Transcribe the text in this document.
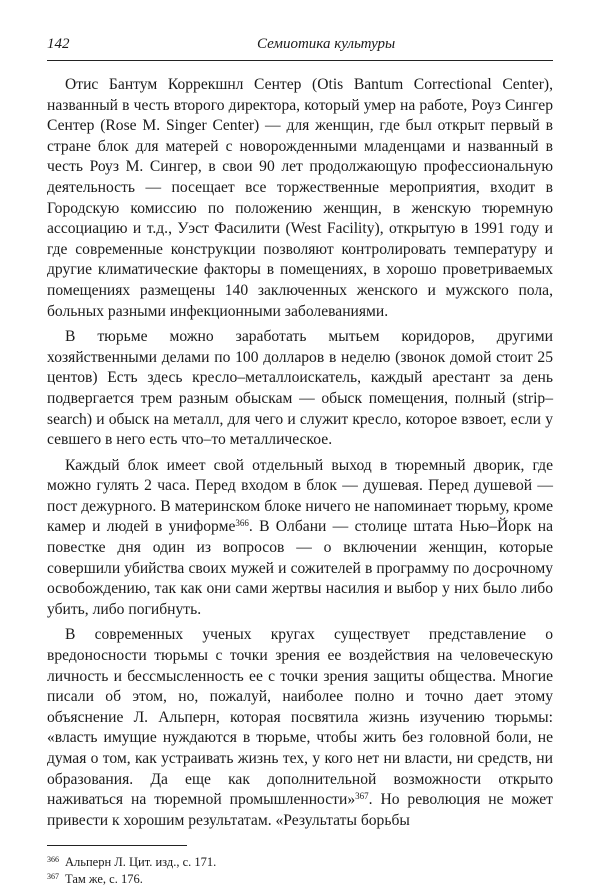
142	Семиотика культуры

Отис Бантум Коррекшнл Сентер (Otis Bantum Correctional Center), названный в честь второго директора, который умер на работе, Роуз Сингер Сентер (Rose M. Singer Center) — для женщин, где был открыт первый в стране блок для матерей с новорожденными младенцами и названный в честь Роуз М. Сингер, в свои 90 лет продолжающую профессиональную деятельность — посещает все торжественные мероприятия, входит в Городскую комиссию по положению женщин, в женскую тюремную ассоциацию и т.д., Уэст Фасилити (West Facility), открытую в 1991 году и где современные конструкции позволяют контролировать температуру и другие климатические факторы в помещениях, в хорошо проветриваемых помещениях размещены 140 заключенных женского и мужского пола, больных разными инфекционными заболеваниями.

В тюрьме можно заработать мытьем коридоров, другими хозяйственными делами по 100 долларов в неделю (звонок домой стоит 25 центов) Есть здесь кресло–металлоискатель, каждый арестант за день подвергается трем разным обыскам — обыск помещения, полный (strip–search) и обыск на металл, для чего и служит кресло, которое взвоет, если у севшего в него есть что–то металлическое.

Каждый блок имеет свой отдельный выход в тюремный дворик, где можно гулять 2 часа. Перед входом в блок — душевая. Перед душевой — пост дежурного. В материнском блоке ничего не напоминает тюрьму, кроме камер и людей в униформе$^{366}$. В Олбани — столице штата Нью–Йорк на повестке дня один из вопросов — о включении женщин, которые совершили убийства своих мужей и сожителей в программу по досрочному освобождению, так как они сами жертвы насилия и выбор у них было либо убить, либо погибнуть.

В современных ученых кругах существует представление о вредоносности тюрьмы с точки зрения ее воздействия на человеческую личность и бессмысленность ее с точки зрения защиты общества. Многие писали об этом, но, пожалуй, наиболее полно и точно дает этому объяснение Л. Альперн, которая посвятила жизнь изучению тюрьмы: «власть имущие нуждаются в тюрьме, чтобы жить без головной боли, не думая о том, как устраивать жизнь тех, у кого нет ни власти, ни средств, ни образования. Да еще как дополнительной возможности открыто наживаться на тюремной промышленности»$^{367}$. Но революция не может привести к хорошим результатам. «Результаты борьбы

$^{366}$ Альперн Л. Цит. изд., с. 171.
$^{367}$ Там же, с. 176.
